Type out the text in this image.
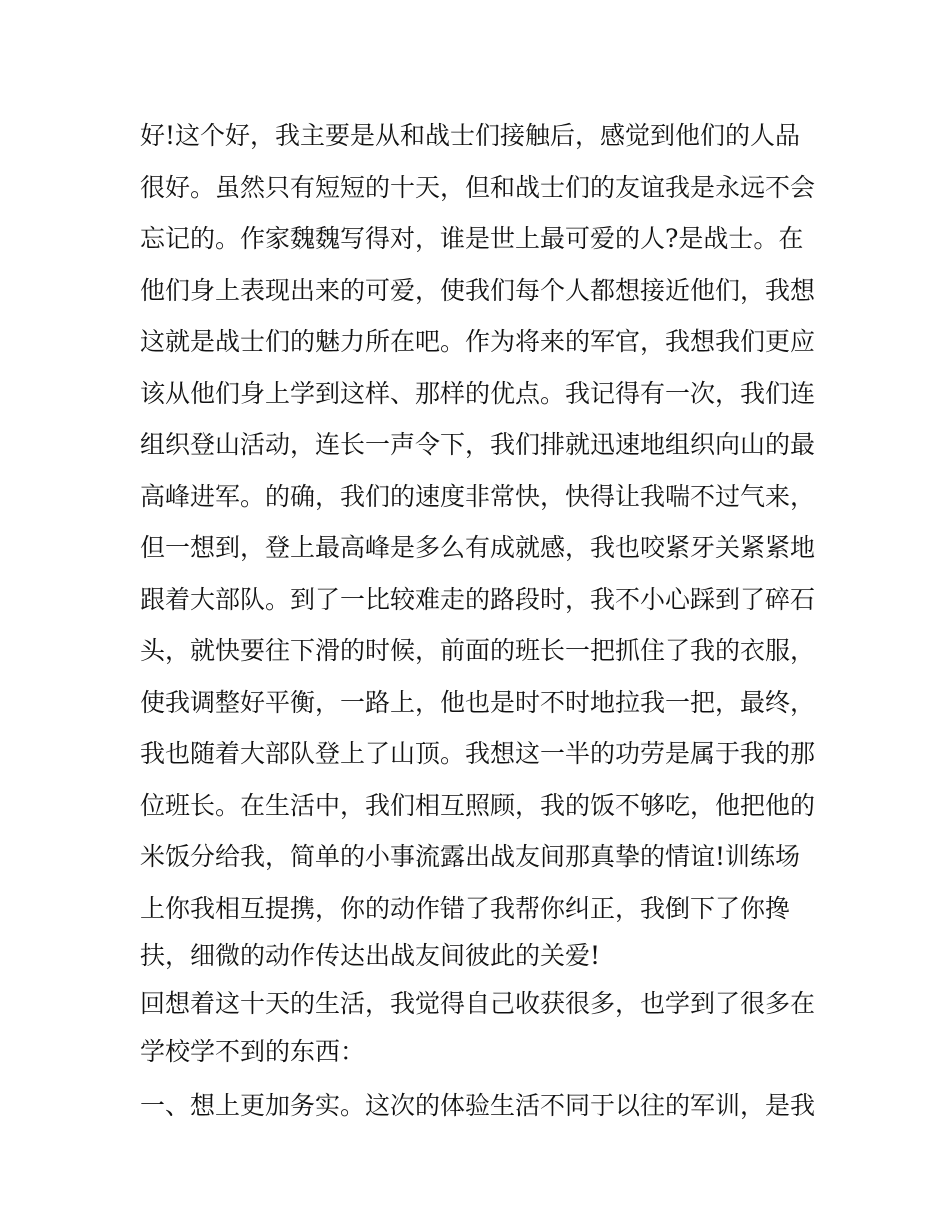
好!这个好，我主要是从和战士们接触后，感觉到他们的人品
很好。虽然只有短短的十天，但和战士们的友谊我是永远不会
忘记的。作家魏魏写得对，谁是世上最可爱的人?是战士。在
他们身上表现出来的可爱，使我们每个人都想接近他们，我想
这就是战士们的魅力所在吧。作为将来的军官，我想我们更应
该从他们身上学到这样、那样的优点。我记得有一次，我们连
组织登山活动，连长一声令下，我们排就迅速地组织向山的最
高峰进军。的确，我们的速度非常快，快得让我喘不过气来，
但一想到，登上最高峰是多么有成就感，我也咬紧牙关紧紧地
跟着大部队。到了一比较难走的路段时，我不小心踩到了碎石
头，就快要往下滑的时候，前面的班长一把抓住了我的衣服，
使我调整好平衡，一路上，他也是时不时地拉我一把，最终，
我也随着大部队登上了山顶。我想这一半的功劳是属于我的那
位班长。在生活中，我们相互照顾，我的饭不够吃，他把他的
米饭分给我，简单的小事流露出战友间那真挚的情谊!训练场
上你我相互提携，你的动作错了我帮你纠正，我倒下了你搀
扶，细微的动作传达出战友间彼此的关爱!
回想着这十天的生活，我觉得自己收获很多，也学到了很多在
学校学不到的东西：
一、想上更加务实。这次的体验生活不同于以往的军训，是我
